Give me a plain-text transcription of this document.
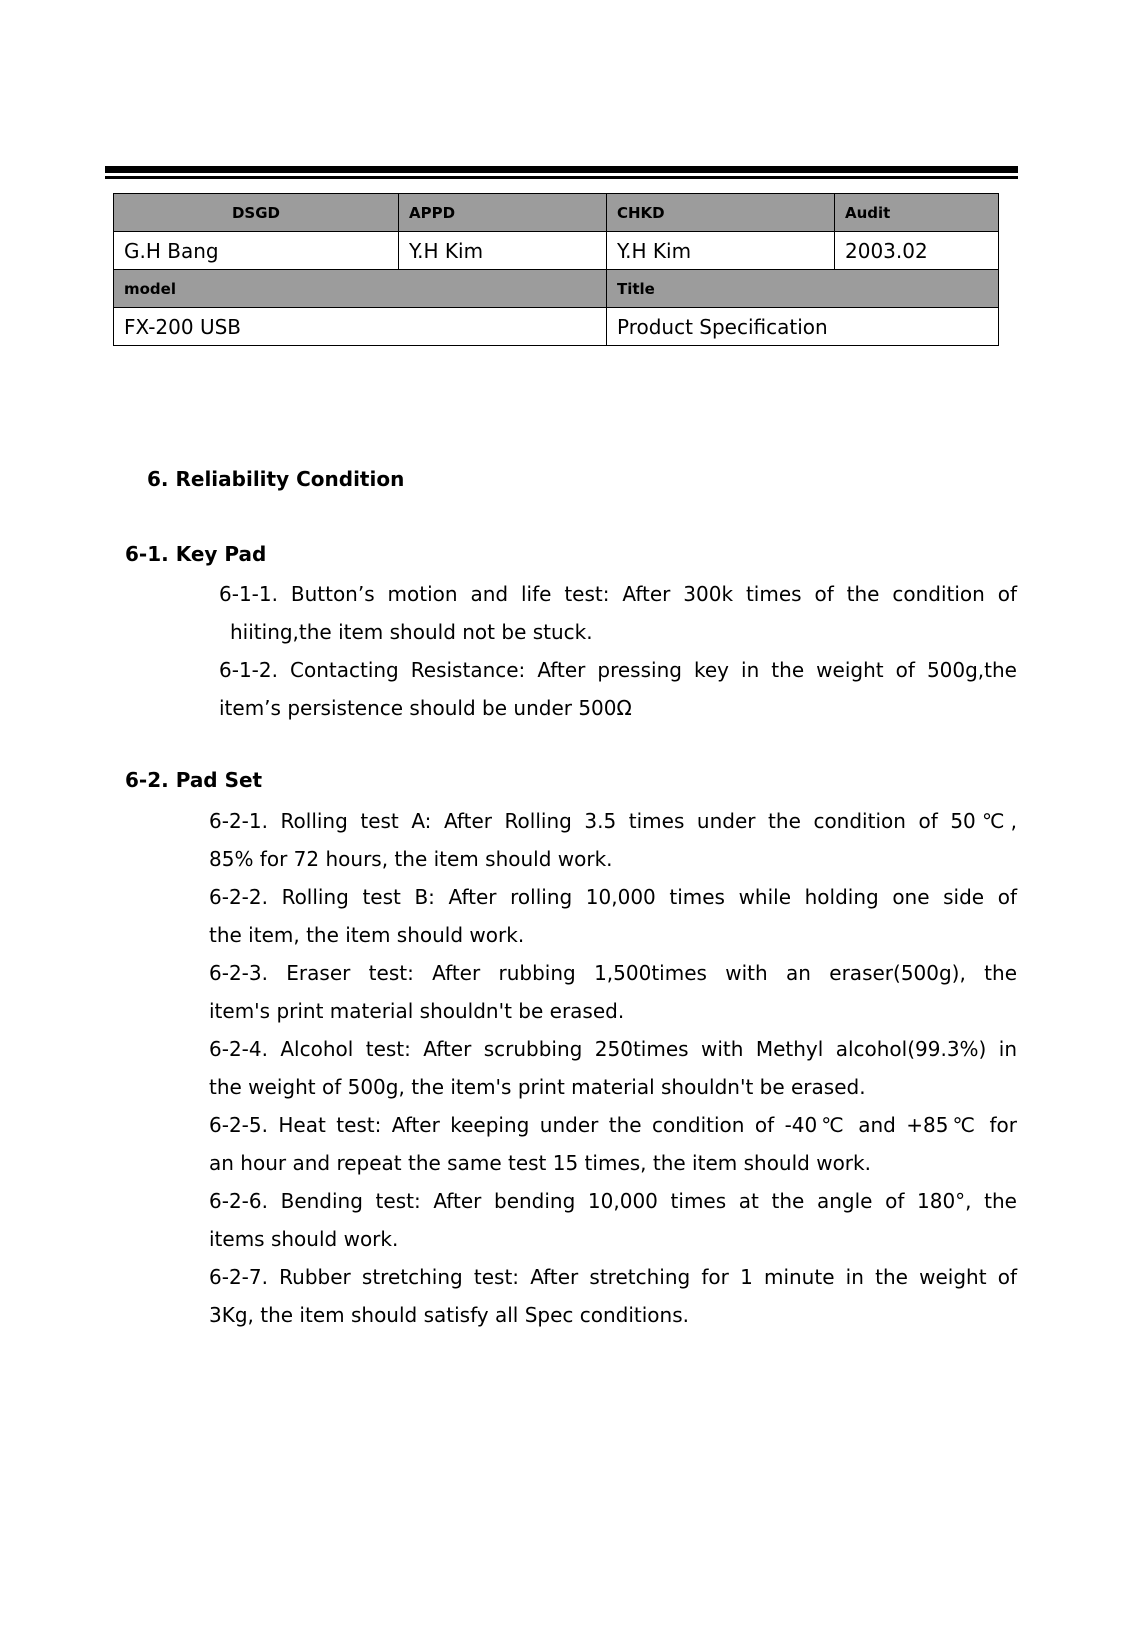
DSGD	APPD	CHKD	Audit
G.H Bang	Y.H Kim	Y.H Kim	2003.02
model		Title	
FX-200 USB		Product Specification	
6. Reliability Condition
6-1. Key Pad
6-1-1. Button’s motion and life test: After 300k times of the condition of
hiiting,the item should not be stuck.
6-1-2. Contacting Resistance: After pressing key in the weight of 500g,the
item’s persistence should be under 500Ω
6-2. Pad Set
6-2-1. Rolling test A: After Rolling 3.5 times under the condition of 50℃,
85% for 72 hours, the item should work.
6-2-2. Rolling test B: After rolling 10,000 times while holding one side of
the item, the item should work.
6-2-3. Eraser test: After rubbing 1,500times with an eraser(500g), the
item's print material shouldn't be erased.
6-2-4. Alcohol test: After scrubbing 250times with Methyl alcohol(99.3%) in
the weight of 500g, the item's print material shouldn't be erased.
6-2-5. Heat test: After keeping under the condition of -40℃ and +85℃ for
an hour and repeat the same test 15 times, the item should work.
6-2-6. Bending test: After bending 10,000 times at the angle of 180°, the
items should work.
6-2-7. Rubber stretching test: After stretching for 1 minute in the weight of
3Kg, the item should satisfy all Spec conditions.
